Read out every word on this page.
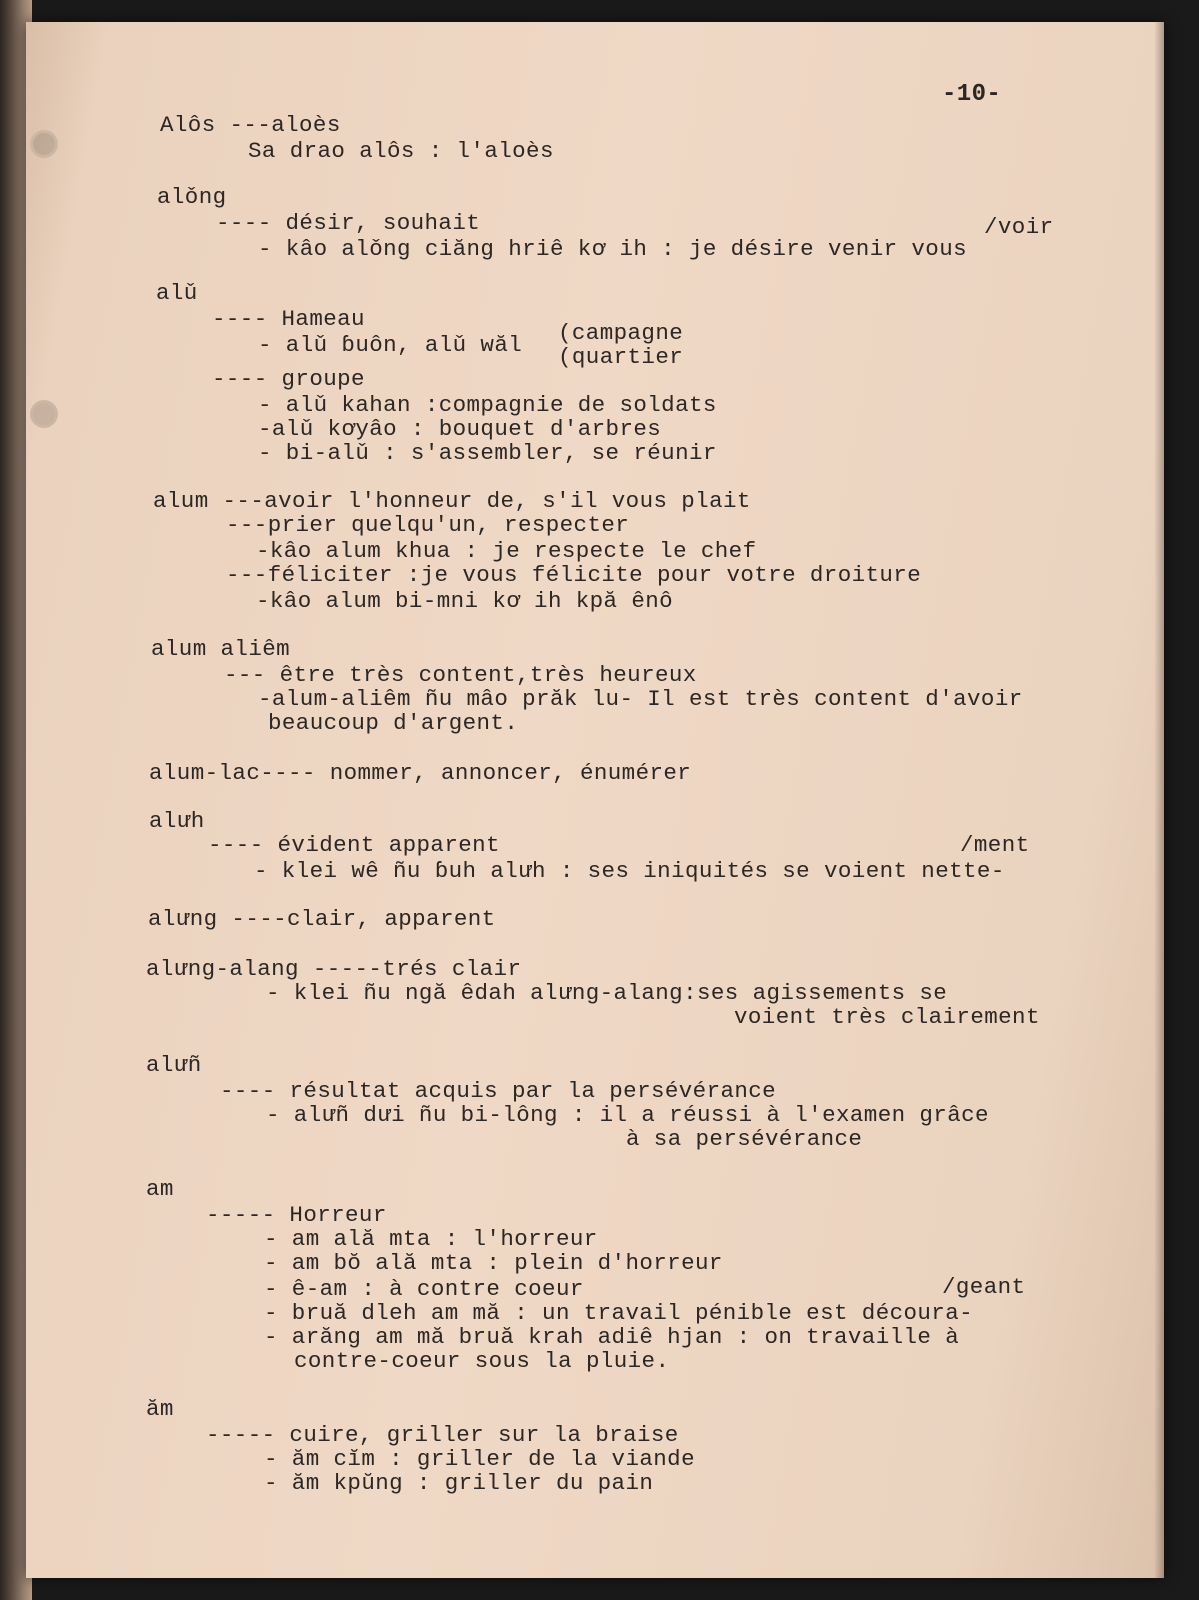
-10-
Alôs ---aloès
Sa drao alôs : l'aloès
alǒng
---- désir, souhait	/voir
- kâo alǒng ciăng hriê kơ ih : je désire venir vous
alǔ
---- Hameau
- alǔ ɓuôn, alǔ wăl (campagne
(quartier
---- groupe
- alǔ kahan :compagnie de soldats
-alǔ kơyâo : bouquet d'arbres
- bi-alǔ : s'assembler, se réunir
alum ---avoir l'honneur de, s'il vous plait
---prier quelqu'un, respecter
-kâo alum khua : je respecte le chef
---féliciter :je vous félicite pour votre droiture
-kâo alum bi-mni kơ ih kpă ênô
alum aliêm
--- être très content,très heureux
-alum-aliêm ñu mâo prăk lu- Il est très content d'avoir
beaucoup d'argent.
alum-lac---- nommer, annoncer, énumérer
alưh
---- évident apparent	/ment
- klei wê ñu ɓuh alưh : ses iniquités se voient nette-
alưng ----clair, apparent
alưng-alang -----trés clair
- klei ñu ngă êdah alưng-alang:ses agissements se
voient très clairement
alưñ
---- résultat acquis par la persévérance
- alưñ dưi ñu bi-lông : il a réussi à l'examen grâce
à sa persévérance
am
----- Horreur
- am ală mta : l'horreur
- am bŏ ală mta : plein d'horreur
- ê-am : à contre coeur	/geant
- bruă dleh am mă : un travail pénible est découra-
- arăng am mă bruă krah adiê hjan : on travaille à
contre-coeur sous la pluie.
ăm
----- cuire, griller sur la braise
- ăm cĭm : griller de la viande
- ăm kpŭng : griller du pain
